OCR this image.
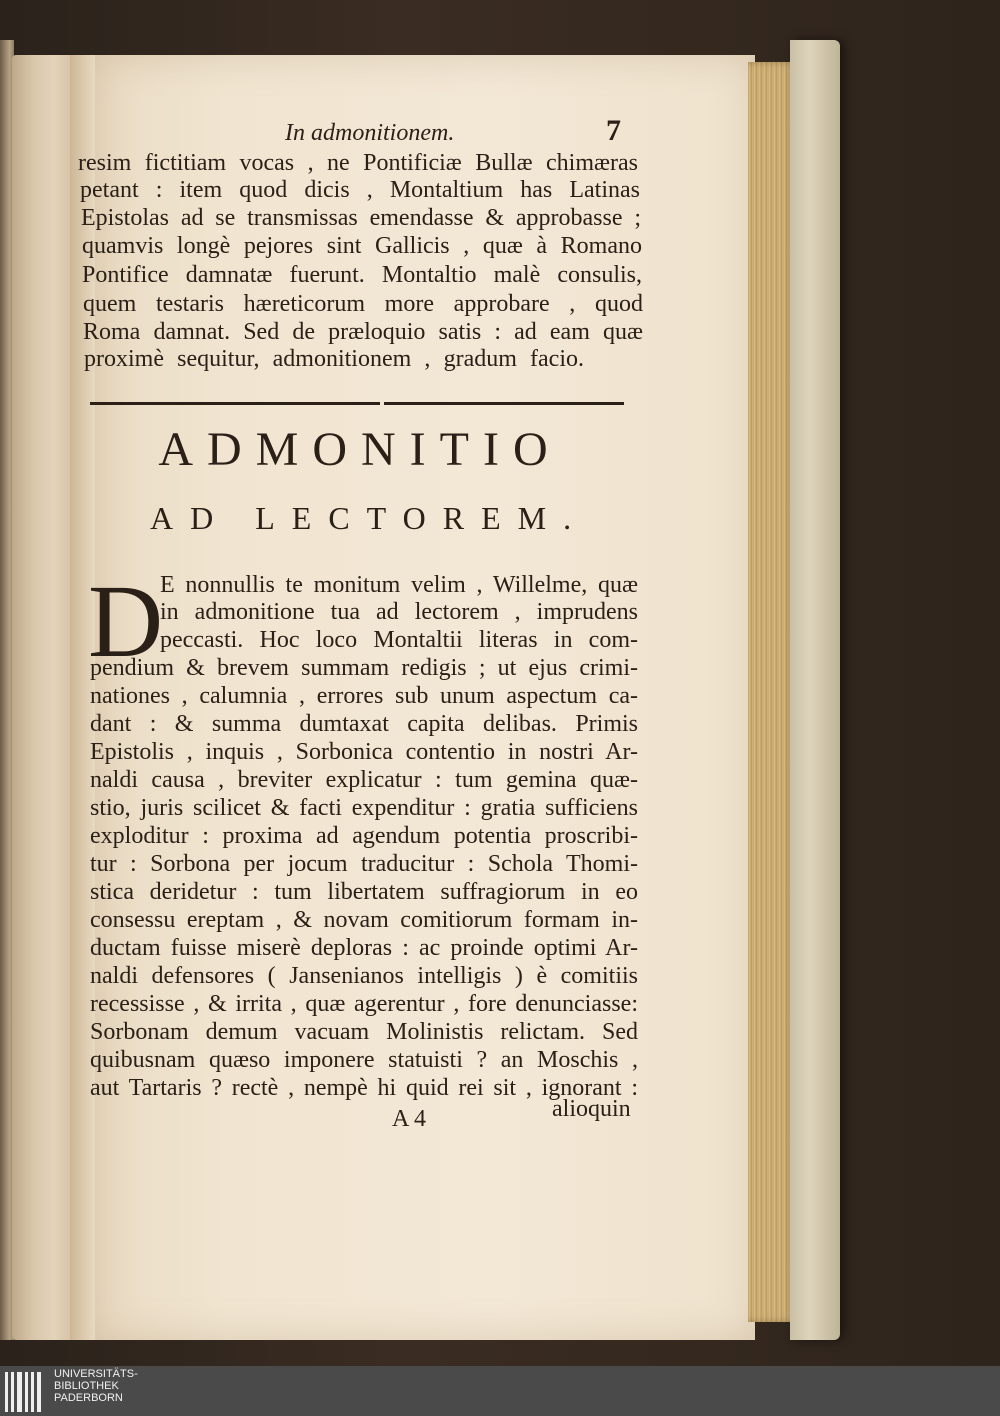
In admonitionem.	7

resim fictitiam vocas , ne Pontificiæ Bullæ chimæras

petant : item quod dicis , Montaltium has Latinas

Epistolas ad se transmissas emendasse & approbasse ;

quamvis longè pejores sint Gallicis , quæ à Romano

Pontifice damnatæ fuerunt. Montaltio malè consulis,

quem testaris hæreticorum more approbare , quod

Roma damnat. Sed de præloquio satis : ad eam quæ

proximè sequitur, admonitionem , gradum facio.

ADMONITIO

AD LECTOREM.

D

E nonnullis te monitum velim , Willelme, quæ

in admonitione tua ad lectorem , imprudens

peccasti. Hoc loco Montaltii literas in com-

pendium & brevem summam redigis ; ut ejus crimi-

nationes , calumnia , errores sub unum aspectum ca-

dant : & summa dumtaxat capita delibas. Primis

Epistolis , inquis , Sorbonica contentio in nostri Ar-

naldi causa , breviter explicatur : tum gemina quæ-

stio, juris scilicet & facti expenditur : gratia sufficiens

exploditur : proxima ad agendum potentia proscribi-

tur : Sorbona per jocum traducitur : Schola Thomi-

stica deridetur : tum libertatem suffragiorum in eo

consessu ereptam , & novam comitiorum formam in-

ductam fuisse miserè deploras : ac proinde optimi Ar-

naldi defensores ( Jansenianos intelligis ) è comitiis

recessisse , & irrita , quæ agerentur , fore denunciasse:

Sorbonam demum vacuam Molinistis relictam. Sed

quibusnam quæso imponere statuisti ? an Moschis ,

aut Tartaris ? rectè , nempè hi quid rei sit , ignorant :

A 4	alioquin

UNIVERSITÄTS-

BIBLIOTHEK

PADERBORN
